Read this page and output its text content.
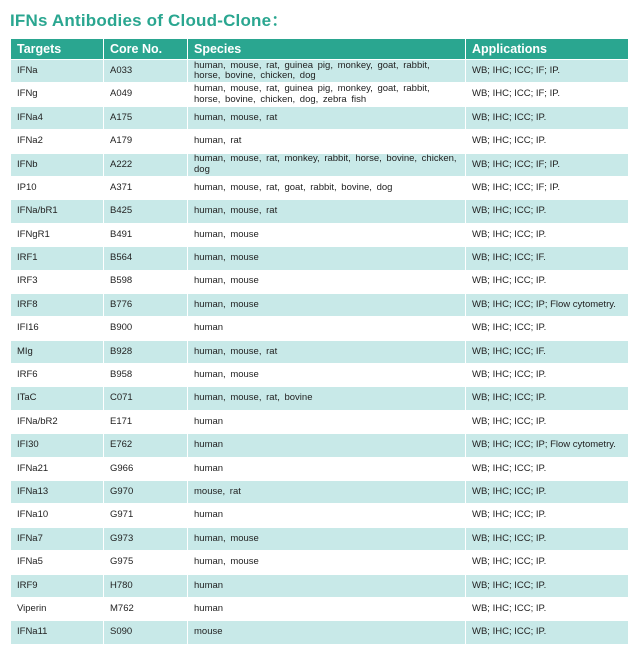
IFNs Antibodies of Cloud-Clone：
Targets	Core No.	Species	Applications
IFNa	A033	human, mouse, rat, guinea pig, monkey, goat, rabbit, horse, bovine, chicken, dog	WB; IHC; ICC; IF; IP.
IFNg	A049	human, mouse, rat, guinea pig, monkey, goat, rabbit, horse, bovine, chicken, dog, zebra fish	WB; IHC; ICC; IF; IP.
IFNa4	A175	human, mouse, rat	WB; IHC; ICC; IP.
IFNa2	A179	human, rat	WB; IHC; ICC; IP.
IFNb	A222	human, mouse, rat, monkey, rabbit, horse, bovine, chicken, dog	WB; IHC; ICC; IF; IP.
IP10	A371	human, mouse, rat, goat, rabbit, bovine, dog	WB; IHC; ICC; IF; IP.
IFNa/bR1	B425	human, mouse, rat	WB; IHC; ICC; IP.
IFNgR1	B491	human, mouse	WB; IHC; ICC; IP.
IRF1	B564	human, mouse	WB; IHC; ICC; IF.
IRF3	B598	human, mouse	WB; IHC; ICC; IP.
IRF8	B776	human, mouse	WB; IHC; ICC; IP; Flow cytometry.
IFI16	B900	human	WB; IHC; ICC; IP.
MIg	B928	human, mouse, rat	WB; IHC; ICC; IF.
IRF6	B958	human, mouse	WB; IHC; ICC; IP.
ITaC	C071	human, mouse, rat, bovine	WB; IHC; ICC; IP.
IFNa/bR2	E171	human	WB; IHC; ICC; IP.
IFI30	E762	human	WB; IHC; ICC; IP; Flow cytometry.
IFNa21	G966	human	WB; IHC; ICC; IP.
IFNa13	G970	mouse, rat	WB; IHC; ICC; IP.
IFNa10	G971	human	WB; IHC; ICC; IP.
IFNa7	G973	human, mouse	WB; IHC; ICC; IP.
IFNa5	G975	human, mouse	WB; IHC; ICC; IP.
IRF9	H780	human	WB; IHC; ICC; IP.
Viperin	M762	human	WB; IHC; ICC; IP.
IFNa11	S090	mouse	WB; IHC; ICC; IP.
